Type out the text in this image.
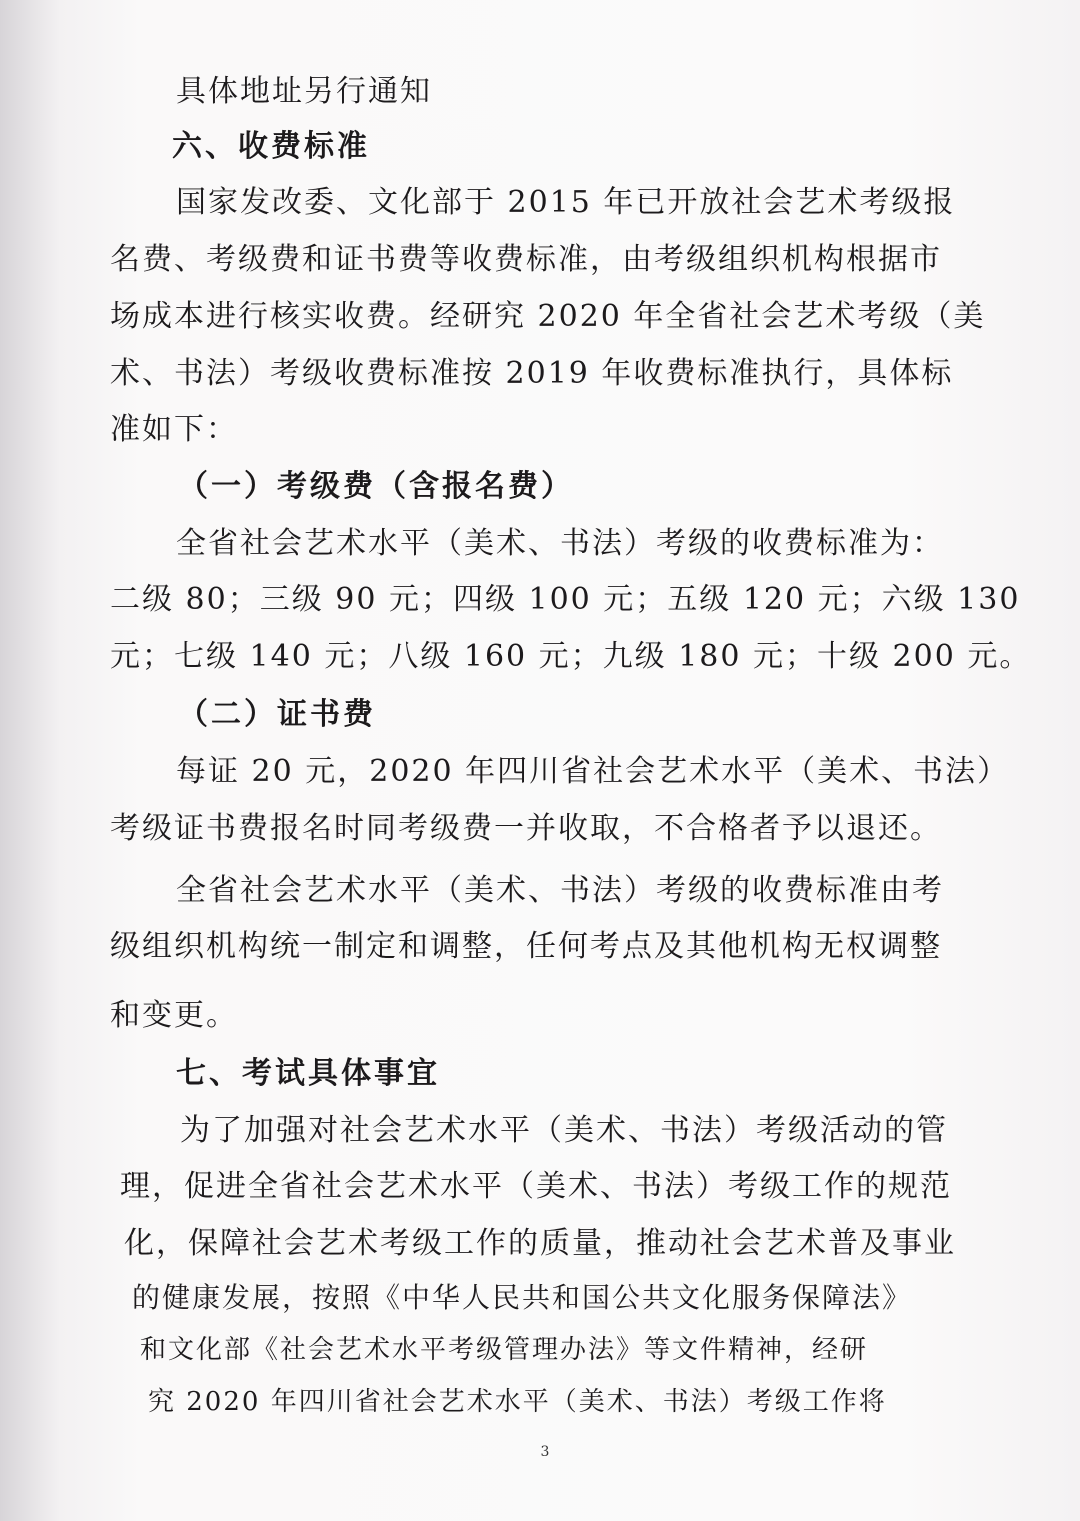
具体地址另行通知

六、收费标准

国家发改委、文化部于 2015 年已开放社会艺术考级报

名费、考级费和证书费等收费标准，由考级组织机构根据市

场成本进行核实收费。经研究 2020 年全省社会艺术考级（美

术、书法）考级收费标准按 2019 年收费标准执行，具体标

准如下：

（一）考级费（含报名费）

全省社会艺术水平（美术、书法）考级的收费标准为：

二级 80；三级 90 元；四级 100 元；五级 120 元；六级 130

元；七级 140 元；八级 160 元；九级 180 元；十级 200 元。

（二）证书费

每证 20 元，2020 年四川省社会艺术水平（美术、书法）

考级证书费报名时同考级费一并收取，不合格者予以退还。

全省社会艺术水平（美术、书法）考级的收费标准由考

级组织机构统一制定和调整，任何考点及其他机构无权调整

和变更。

七、考试具体事宜

为了加强对社会艺术水平（美术、书法）考级活动的管

理，促进全省社会艺术水平（美术、书法）考级工作的规范

化，保障社会艺术考级工作的质量，推动社会艺术普及事业

的健康发展，按照《中华人民共和国公共文化服务保障法》

和文化部《社会艺术水平考级管理办法》等文件精神，经研

究 2020 年四川省社会艺术水平（美术、书法）考级工作将

3
